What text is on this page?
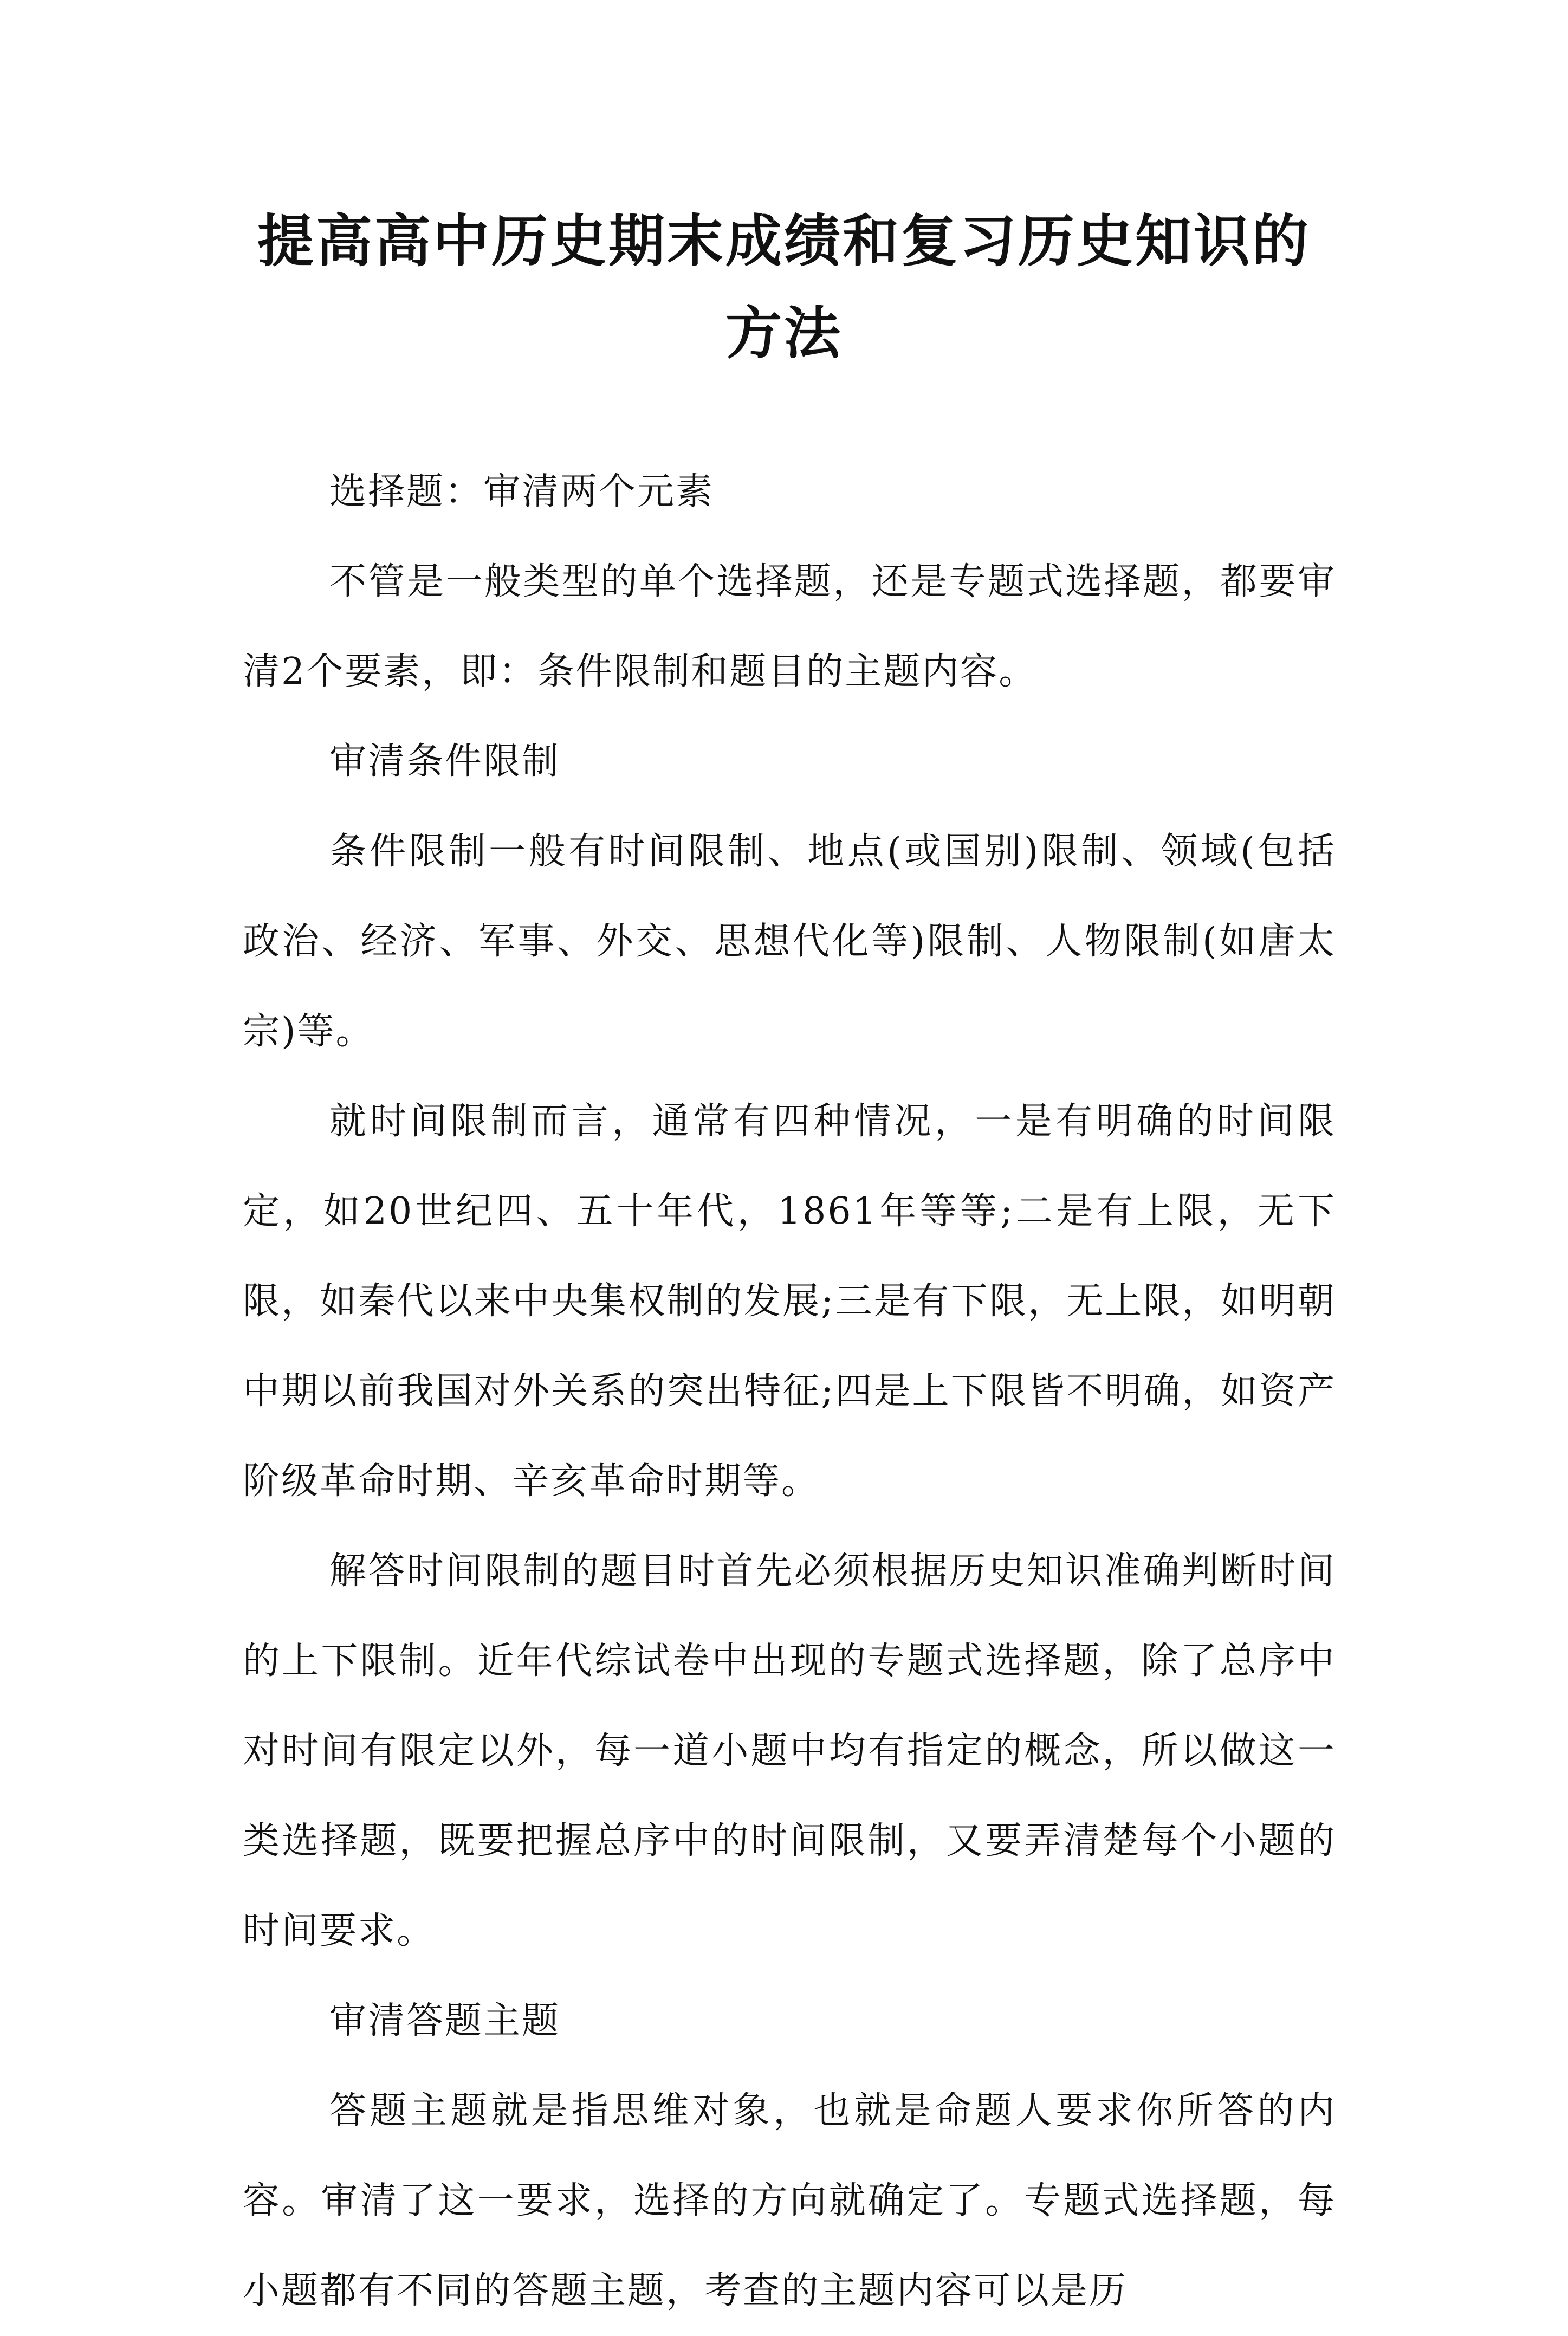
提高高中历史期末成绩和复习历史知识的
方法

选择题：审清两个元素

不管是一般类型的单个选择题，还是专题式选择题，都要审清2个要素，即：条件限制和题目的主题内容。

审清条件限制

条件限制一般有时间限制、地点(或国别)限制、领域(包括政治、经济、军事、外交、思想代化等)限制、人物限制(如唐太宗)等。

就时间限制而言，通常有四种情况，一是有明确的时间限定，如20世纪四、五十年代，1861年等等;二是有上限，无下限，如秦代以来中央集权制的发展;三是有下限，无上限，如明朝中期以前我国对外关系的突出特征;四是上下限皆不明确，如资产阶级革命时期、辛亥革命时期等。

解答时间限制的题目时首先必须根据历史知识准确判断时间的上下限制。近年代综试卷中出现的专题式选择题，除了总序中对时间有限定以外，每一道小题中均有指定的概念，所以做这一类选择题，既要把握总序中的时间限制，又要弄清楚每个小题的时间要求。

审清答题主题

答题主题就是指思维对象，也就是命题人要求你所答的内容。审清了这一要求，选择的方向就确定了。专题式选择题，每小题都有不同的答题主题，考查的主题内容可以是历
